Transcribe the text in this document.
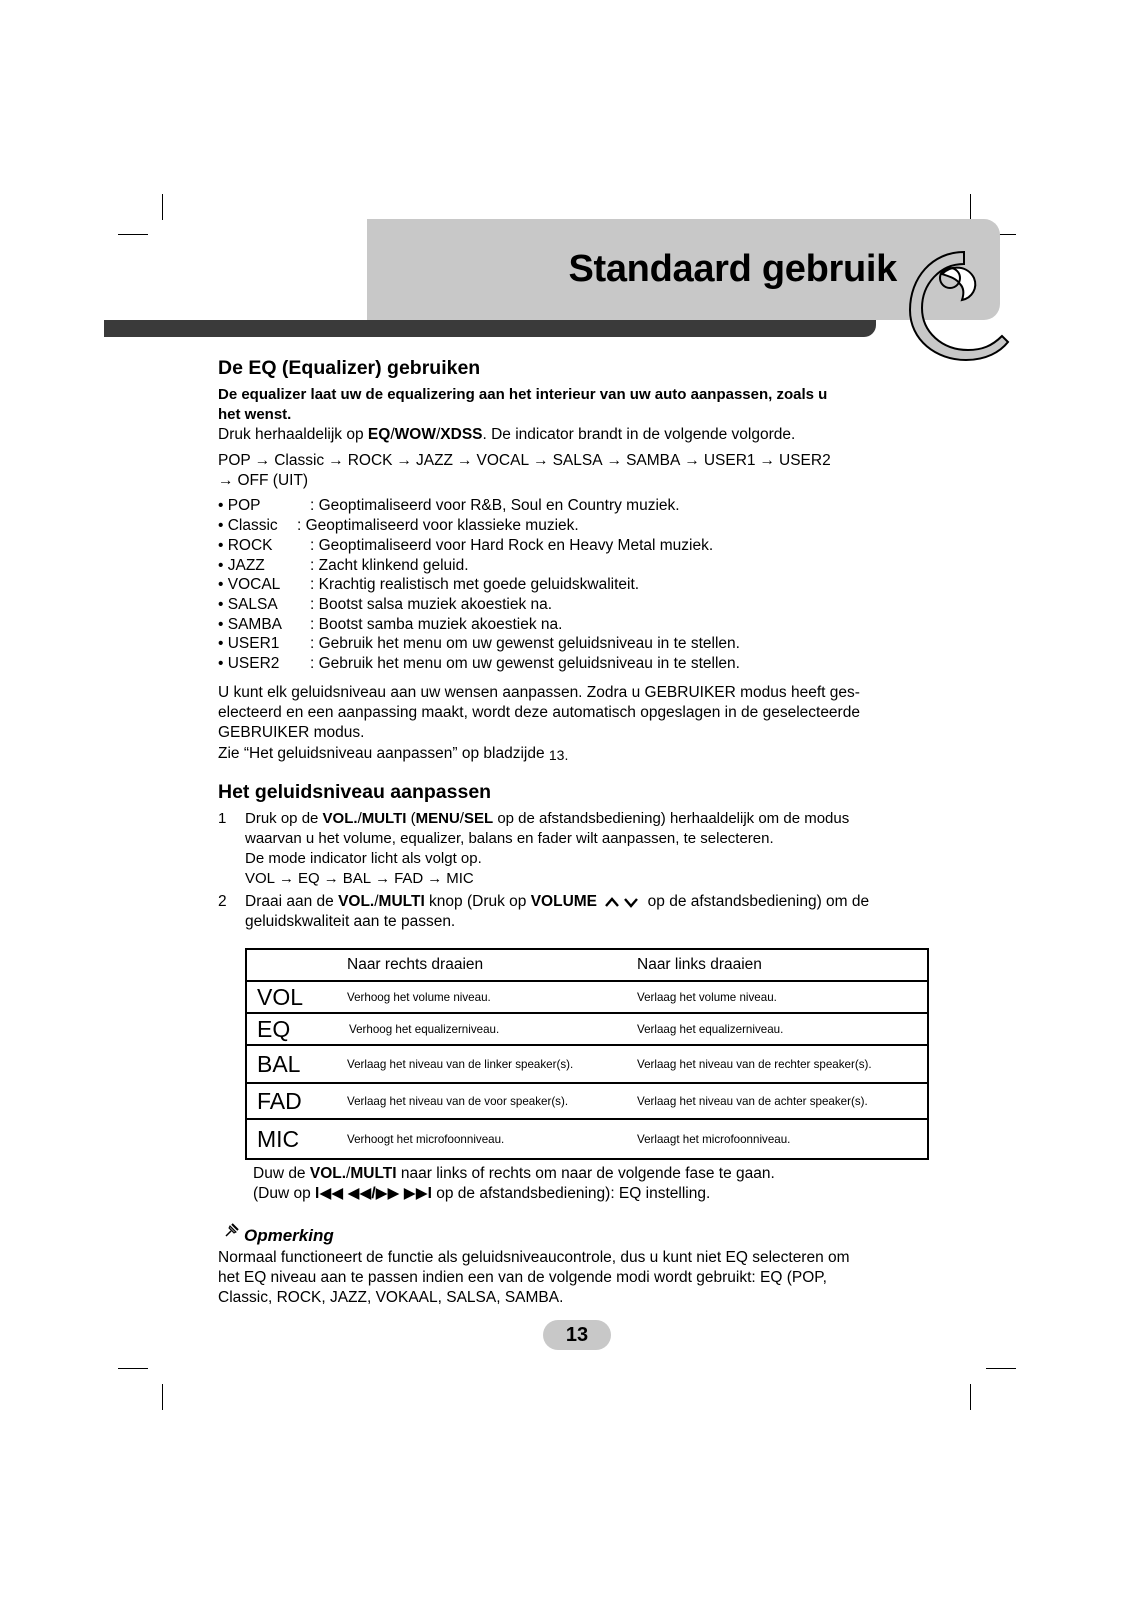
Standaard gebruik
De EQ (Equalizer) gebruiken
De equalizer laat uw de equalizering aan het interieur van uw auto aanpassen, zoals u
het wenst.
Druk herhaaldelijk op EQ/WOW/XDSS. De indicator brandt in de volgende volgorde.
POP → Classic → ROCK → JAZZ → VOCAL → SALSA → SAMBA → USER1 → USER2
→ OFF (UIT)
• POP	: Geoptimaliseerd voor R&B, Soul en Country muziek.
• Classic	: Geoptimaliseerd voor klassieke muziek.
• ROCK	: Geoptimaliseerd voor Hard Rock en Heavy Metal muziek.
• JAZZ	: Zacht klinkend geluid.
• VOCAL	: Krachtig realistisch met goede geluidskwaliteit.
• SALSA	: Bootst salsa muziek akoestiek na.
• SAMBA	: Bootst samba muziek akoestiek na.
• USER1	: Gebruik het menu om uw gewenst geluidsniveau in te stellen.
• USER2	: Gebruik het menu om uw gewenst geluidsniveau in te stellen.
U kunt elk geluidsniveau aan uw wensen aanpassen. Zodra u GEBRUIKER modus heeft ges-
electeerd en een aanpassing maakt, wordt deze automatisch opgeslagen in de geselecteerde
GEBRUIKER modus.
Zie “Het geluidsniveau aanpassen” op bladzijde 13.
Het geluidsniveau aanpassen
1	Druk op de VOL./MULTI (MENU/SEL op de afstandsbediening) herhaaldelijk om de modus
waarvan u het volume, equalizer, balans en fader wilt aanpassen, te selecteren.
De mode indicator licht als volgt op.
VOL → EQ → BAL → FAD → MIC
2	Draai aan de VOL./MULTI knop (Druk op VOLUME	op de afstandsbediening) om de
geluidskwaliteit aan te passen.
	Naar rechts draaien	Naar links draaien
VOL	Verhoog het volume niveau.	Verlaag het volume niveau.
EQ	Verhoog het equalizerniveau.	Verlaag het equalizerniveau.
BAL	Verlaag het niveau van de linker speaker(s).	Verlaag het niveau van de rechter speaker(s).
FAD	Verlaag het niveau van de voor speaker(s).	Verlaag het niveau van de achter speaker(s).
MIC	Verhoogt het microfoonniveau.	Verlaagt het microfoonniveau.
Duw de VOL./MULTI naar links of rechts om naar de volgende fase te gaan.
(Duw op I◀◀ ◀◀/▶▶ ▶▶I op de afstandsbediening): EQ instelling.
Opmerking
Normaal functioneert de functie als geluidsniveaucontrole, dus u kunt niet EQ selecteren om
het EQ niveau aan te passen indien een van de volgende modi wordt gebruikt: EQ (POP,
Classic, ROCK, JAZZ, VOKAAL, SALSA, SAMBA.
13
